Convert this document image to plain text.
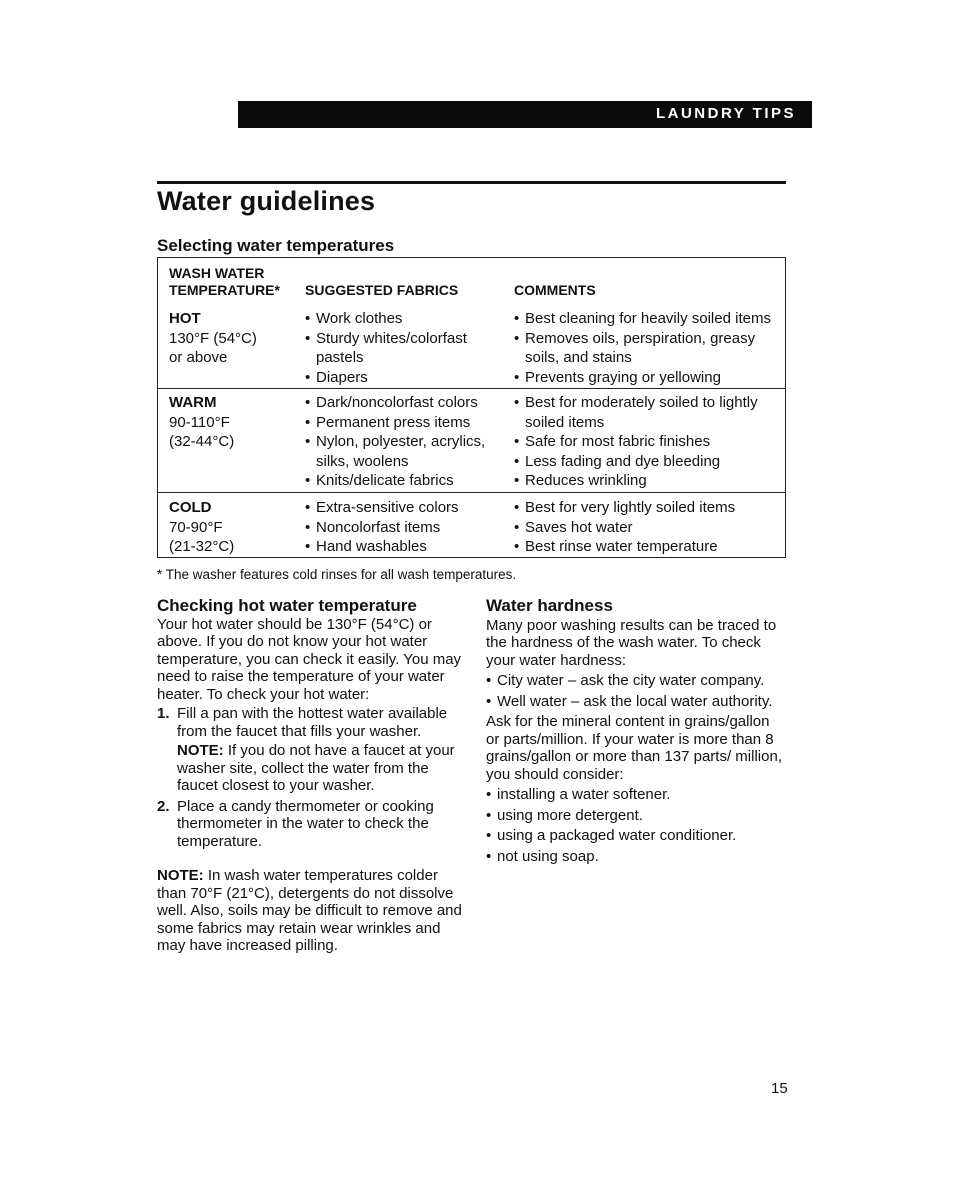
LAUNDRY TIPS
Water guidelines
Selecting water temperatures
WASH WATER
TEMPERATURE* SUGGESTED FABRICS	COMMENTS
HOT
130°F (54°C)
or above
• Work clothes
• Sturdy whites/colorfast pastels
• Diapers
• Best cleaning for heavily soiled items
• Removes oils, perspiration, greasy soils, and stains
• Prevents graying or yellowing
WARM
90-110°F
(32-44°C)
• Dark/noncolorfast colors
• Permanent press items
• Nylon, polyester, acrylics, silks, woolens
• Knits/delicate fabrics
• Best for moderately soiled to lightly soiled items
• Safe for most fabric finishes
• Less fading and dye bleeding
• Reduces wrinkling
COLD
70-90°F
(21-32°C)
• Extra-sensitive colors
• Noncolorfast items
• Hand washables
• Best for very lightly soiled items
• Saves hot water
• Best rinse water temperature
* The washer features cold rinses for all wash temperatures.
Checking hot water temperature

Your hot water should be 130°F (54°C) or above. If you do not know your hot water temperature, you can check it easily. You may need to raise the temperature of your water heater. To check your hot water:

1. Fill a pan with the hottest water available from the faucet that fills your washer.
NOTE: If you do not have a faucet at your washer site, collect the water from the faucet closest to your washer.
2. Place a candy thermometer or cooking thermometer in the water to check the temperature.

NOTE: In wash water temperatures colder than 70°F (21°C), detergents do not dissolve well. Also, soils may be difficult to remove and some fabrics may retain wear wrinkles and may have increased pilling.

Water hardness

Many poor washing results can be traced to the hardness of the wash water. To check your water hardness:

• City water – ask the city water company.
• Well water – ask the local water authority.

Ask for the mineral content in grains/gallon or parts/million. If your water is more than 8 grains/gallon or more than 137 parts/ million, you should consider:

• installing a water softener.
• using more detergent.
• using a packaged water conditioner.
• not using soap.
15
